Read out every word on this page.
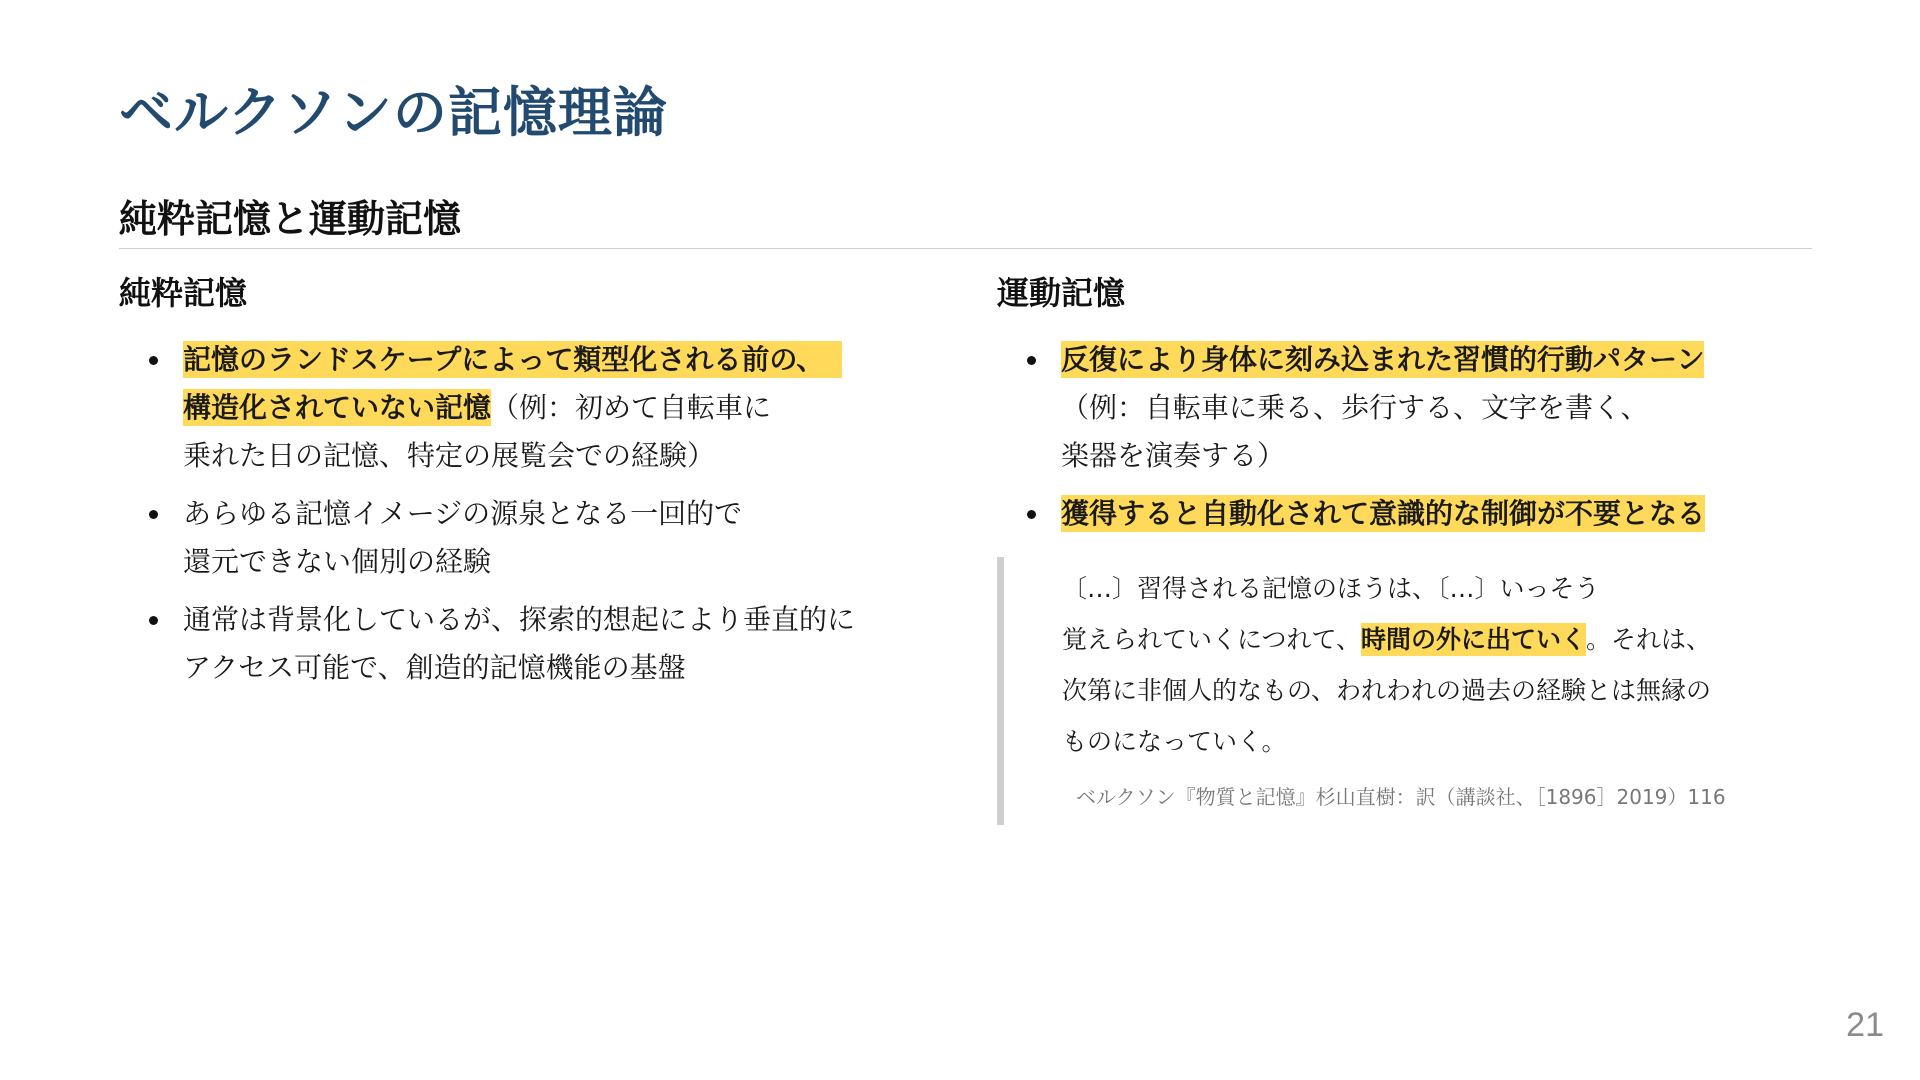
ベルクソンの記憶理論
純粋記憶と運動記憶
純粋記憶
記憶のランドスケープによって類型化される前の、
構造化されていない記憶（例：初めて自転車に
乗れた日の記憶、特定の展覧会での経験）
あらゆる記憶イメージの源泉となる一回的で
還元できない個別の経験
通常は背景化しているが、探索的想起により垂直的に
アクセス可能で、創造的記憶機能の基盤
運動記憶
反復により身体に刻み込まれた習慣的行動パターン
（例：自転車に乗る、歩行する、文字を書く、
楽器を演奏する）
獲得すると自動化されて意識的な制御が不要となる

〔…〕習得される記憶のほうは、〔…〕いっそう
覚えられていくにつれて、時間の外に出ていく。それは、
次第に非個人的なもの、われわれの過去の経験とは無縁の
ものになっていく。

ベルクソン『物質と記憶』杉山直樹：訳（講談社、［1896］2019）116

21
